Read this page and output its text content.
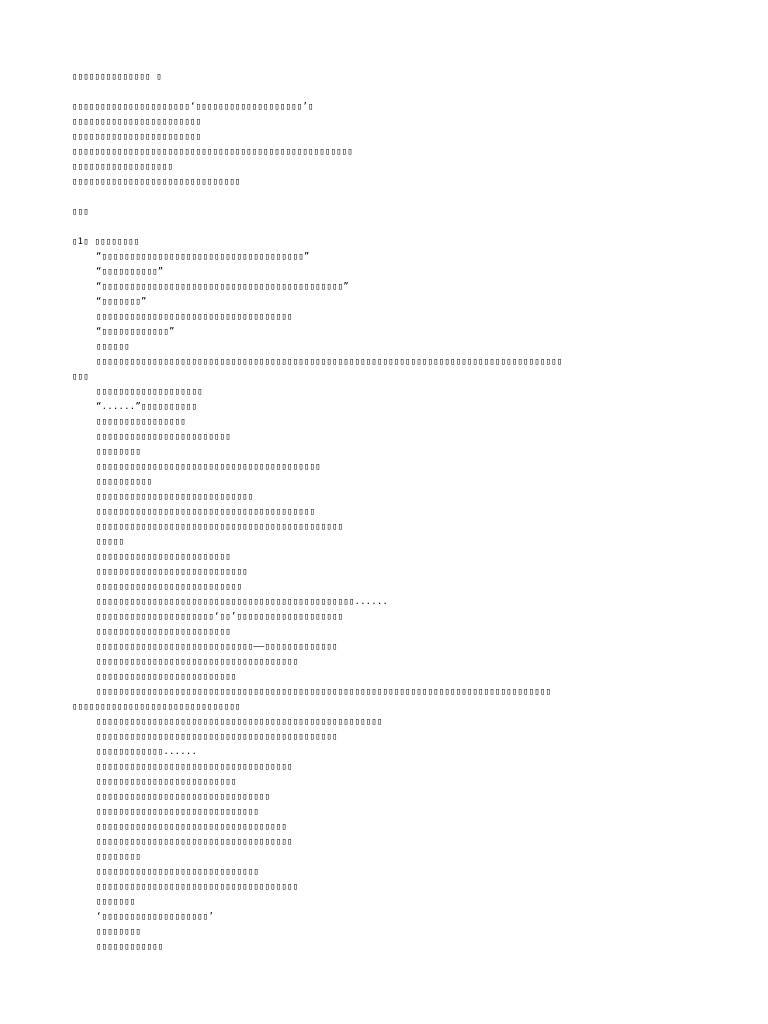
▯▯▯▯▯▯▯▯▯▯▯▯▯▯ ▯
▯▯▯▯▯▯▯▯▯▯▯▯▯▯▯▯▯▯▯▯▯‘▯▯▯▯▯▯▯▯▯▯▯▯▯▯▯▯▯▯▯’▯
▯▯▯▯▯▯▯▯▯▯▯▯▯▯▯▯▯▯▯▯▯▯▯
▯▯▯▯▯▯▯▯▯▯▯▯▯▯▯▯▯▯▯▯▯▯▯
▯▯▯▯▯▯▯▯▯▯▯▯▯▯▯▯▯▯▯▯▯▯▯▯▯▯▯▯▯▯▯▯▯▯▯▯▯▯▯▯▯▯▯▯▯▯▯▯▯▯
▯▯▯▯▯▯▯▯▯▯▯▯▯▯▯▯▯▯
▯▯▯▯▯▯▯▯▯▯▯▯▯▯▯▯▯▯▯▯▯▯▯▯▯▯▯▯▯▯
▯▯▯
▯1▯ ▯▯▯▯▯▯▯▯
“▯▯▯▯▯▯▯▯▯▯▯▯▯▯▯▯▯▯▯▯▯▯▯▯▯▯▯▯▯▯▯▯▯▯▯▯”
“▯▯▯▯▯▯▯▯▯▯”
“▯▯▯▯▯▯▯▯▯▯▯▯▯▯▯▯▯▯▯▯▯▯▯▯▯▯▯▯▯▯▯▯▯▯▯▯▯▯▯▯▯▯▯”
“▯▯▯▯▯▯▯”
▯▯▯▯▯▯▯▯▯▯▯▯▯▯▯▯▯▯▯▯▯▯▯▯▯▯▯▯▯▯▯▯▯▯▯
“▯▯▯▯▯▯▯▯▯▯▯▯”
▯▯▯▯▯▯
▯▯▯▯▯▯▯▯▯▯▯▯▯▯▯▯▯▯▯▯▯▯▯▯▯▯▯▯▯▯▯▯▯▯▯▯▯▯▯▯▯▯▯▯▯▯▯▯▯▯▯▯▯▯▯▯▯▯▯▯▯▯▯▯▯▯▯▯▯▯▯▯▯▯▯▯▯▯▯▯▯▯▯
▯▯▯
▯▯▯▯▯▯▯▯▯▯▯▯▯▯▯▯▯▯▯
“......”▯▯▯▯▯▯▯▯▯▯
▯▯▯▯▯▯▯▯▯▯▯▯▯▯▯▯
▯▯▯▯▯▯▯▯▯▯▯▯▯▯▯▯▯▯▯▯▯▯▯▯
▯▯▯▯▯▯▯▯
▯▯▯▯▯▯▯▯▯▯▯▯▯▯▯▯▯▯▯▯▯▯▯▯▯▯▯▯▯▯▯▯▯▯▯▯▯▯▯▯
▯▯▯▯▯▯▯▯▯▯
▯▯▯▯▯▯▯▯▯▯▯▯▯▯▯▯▯▯▯▯▯▯▯▯▯▯▯▯
▯▯▯▯▯▯▯▯▯▯▯▯▯▯▯▯▯▯▯▯▯▯▯▯▯▯▯▯▯▯▯▯▯▯▯▯▯▯▯
▯▯▯▯▯▯▯▯▯▯▯▯▯▯▯▯▯▯▯▯▯▯▯▯▯▯▯▯▯▯▯▯▯▯▯▯▯▯▯▯▯▯▯▯
▯▯▯▯▯
▯▯▯▯▯▯▯▯▯▯▯▯▯▯▯▯▯▯▯▯▯▯▯▯
▯▯▯▯▯▯▯▯▯▯▯▯▯▯▯▯▯▯▯▯▯▯▯▯▯▯▯
▯▯▯▯▯▯▯▯▯▯▯▯▯▯▯▯▯▯▯▯▯▯▯▯▯▯
▯▯▯▯▯▯▯▯▯▯▯▯▯▯▯▯▯▯▯▯▯▯▯▯▯▯▯▯▯▯▯▯▯▯▯▯▯▯▯▯▯▯▯▯▯▯......
▯▯▯▯▯▯▯▯▯▯▯▯▯▯▯▯▯▯▯▯▯‘▯▯’▯▯▯▯▯▯▯▯▯▯▯▯▯▯▯▯▯▯▯
▯▯▯▯▯▯▯▯▯▯▯▯▯▯▯▯▯▯▯▯▯▯▯▯
▯▯▯▯▯▯▯▯▯▯▯▯▯▯▯▯▯▯▯▯▯▯▯▯▯▯▯▯——▯▯▯▯▯▯▯▯▯▯▯▯▯
▯▯▯▯▯▯▯▯▯▯▯▯▯▯▯▯▯▯▯▯▯▯▯▯▯▯▯▯▯▯▯▯▯▯▯▯
▯▯▯▯▯▯▯▯▯▯▯▯▯▯▯▯▯▯▯▯▯▯▯▯▯
▯▯▯▯▯▯▯▯▯▯▯▯▯▯▯▯▯▯▯▯▯▯▯▯▯▯▯▯▯▯▯▯▯▯▯▯▯▯▯▯▯▯▯▯▯▯▯▯▯▯▯▯▯▯▯▯▯▯▯▯▯▯▯▯▯▯▯▯▯▯▯▯▯▯▯▯▯▯▯▯▯
▯▯▯▯▯▯▯▯▯▯▯▯▯▯▯▯▯▯▯▯▯▯▯▯▯▯▯▯▯▯
▯▯▯▯▯▯▯▯▯▯▯▯▯▯▯▯▯▯▯▯▯▯▯▯▯▯▯▯▯▯▯▯▯▯▯▯▯▯▯▯▯▯▯▯▯▯▯▯▯▯▯
▯▯▯▯▯▯▯▯▯▯▯▯▯▯▯▯▯▯▯▯▯▯▯▯▯▯▯▯▯▯▯▯▯▯▯▯▯▯▯▯▯▯▯
▯▯▯▯▯▯▯▯▯▯▯▯......
▯▯▯▯▯▯▯▯▯▯▯▯▯▯▯▯▯▯▯▯▯▯▯▯▯▯▯▯▯▯▯▯▯▯▯
▯▯▯▯▯▯▯▯▯▯▯▯▯▯▯▯▯▯▯▯▯▯▯▯▯
▯▯▯▯▯▯▯▯▯▯▯▯▯▯▯▯▯▯▯▯▯▯▯▯▯▯▯▯▯▯▯
▯▯▯▯▯▯▯▯▯▯▯▯▯▯▯▯▯▯▯▯▯▯▯▯▯▯▯▯▯
▯▯▯▯▯▯▯▯▯▯▯▯▯▯▯▯▯▯▯▯▯▯▯▯▯▯▯▯▯▯▯▯▯▯
▯▯▯▯▯▯▯▯▯▯▯▯▯▯▯▯▯▯▯▯▯▯▯▯▯▯▯▯▯▯▯▯▯▯▯
▯▯▯▯▯▯▯▯
▯▯▯▯▯▯▯▯▯▯▯▯▯▯▯▯▯▯▯▯▯▯▯▯▯▯▯▯▯
▯▯▯▯▯▯▯▯▯▯▯▯▯▯▯▯▯▯▯▯▯▯▯▯▯▯▯▯▯▯▯▯▯▯▯▯
▯▯▯▯▯▯▯
‘▯▯▯▯▯▯▯▯▯▯▯▯▯▯▯▯▯▯▯’
▯▯▯▯▯▯▯▯
▯▯▯▯▯▯▯▯▯▯▯▯
